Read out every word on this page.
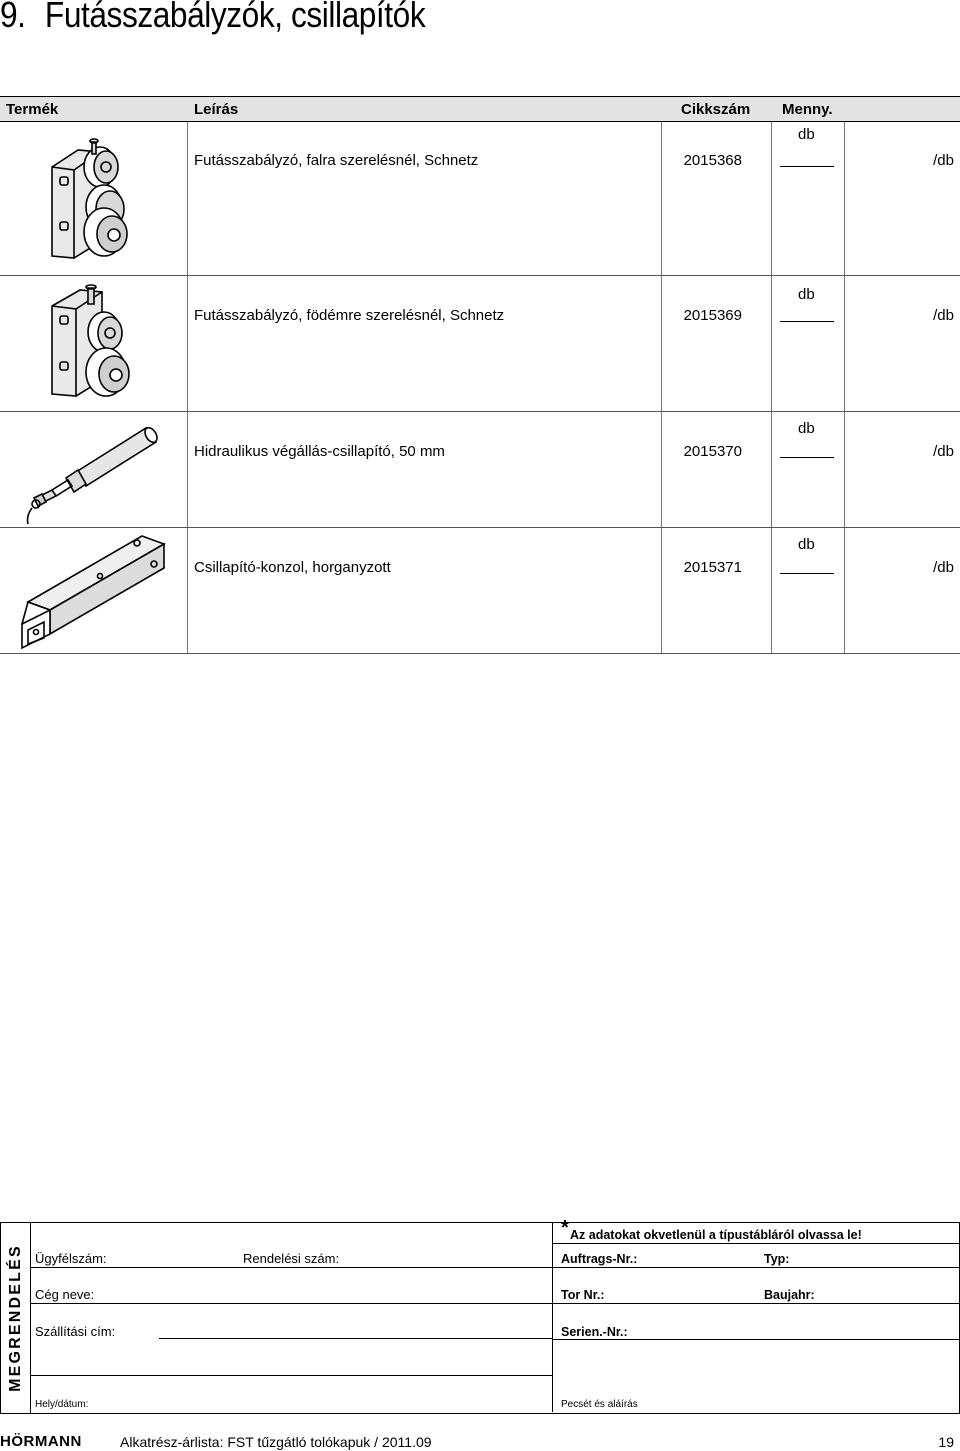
9. Futásszabályzók, csillapítók
Termék	Leírás	Cikkszám Menny.
Futásszabályzó, falra szerelésnél, Schnetz	2015368
db
/db
Futásszabályzó, födémre szerelésnél, Schnetz	2015369
db
/db
Hidraulikus végállás-csillapító, 50 mm	2015370
db
/db
Csillapító-konzol, horganyzott	2015371
db
/db
MEGRENDELÉS
* Az adatokat okvetlenül a típustábláról olvassa le!
Ügyfélszám:	Rendelési szám:	Auftrags-Nr.:	Typ:
Cég neve:	Tor Nr.:	Baujahr:
Szállítási cím:	Serien.-Nr.:
Hely/dátum:	Pecsét és aláírás
HÖRMANN	Alkatrész-árlista: FST tűzgátló tolókapuk / 2011.09	19
